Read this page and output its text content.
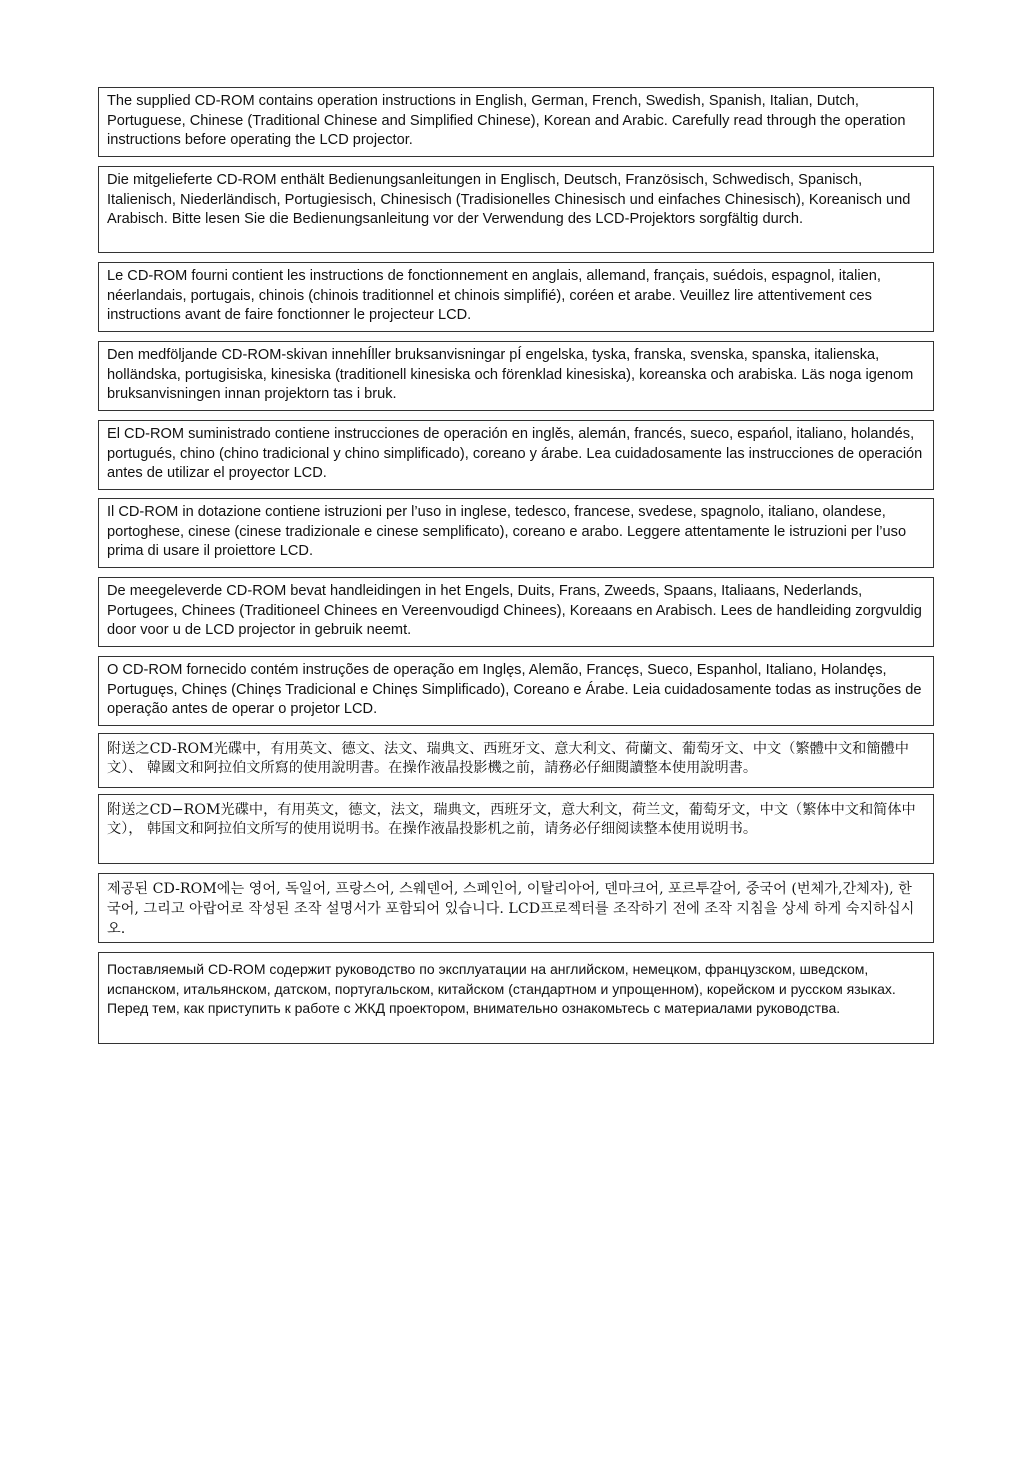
The supplied CD-ROM contains operation instructions in English, German, French, Swedish, Spanish, Italian, Dutch, Portuguese, Chinese (Traditional Chinese and Simplified Chinese), Korean and Arabic. Carefully read through the operation instructions before operating the LCD projector.
Die mitgelieferte CD-ROM enthält Bedienungsanleitungen in Englisch, Deutsch, Französisch, Schwedisch, Spanisch, Italienisch, Niederländisch, Portugiesisch, Chinesisch (Tradisionelles Chinesisch und einfaches Chinesisch), Koreanisch und Arabisch. Bitte lesen Sie die Bedienungsanleitung vor der Verwendung des LCD-Projektors sorgfältig durch.
Le CD-ROM fourni contient les instructions de fonctionnement en anglais, allemand, français, suédois, espagnol, italien, néerlandais, portugais, chinois (chinois traditionnel et chinois simplifié), coréen et arabe. Veuillez lire attentivement ces instructions avant de faire fonctionner le projecteur LCD.
Den medföljande CD-ROM-skivan innehÍller bruksanvisningar pÍ engelska, tyska, franska, svenska, spanska, italienska, holländska, portugisiska, kinesiska (traditionell kinesiska och förenklad kinesiska), koreanska och arabiska. Läs noga igenom bruksanvisningen innan projektorn tas i bruk.
El CD-ROM suministrado contiene instrucciones de operación en inglěs, alemán, francés, sueco, espańol, italiano, holandés, portugués, chino (chino tradicional y chino simplificado), coreano y árabe. Lea cuidadosamente las instrucciones de operación antes de utilizar el proyector LCD.
Il CD-ROM in dotazione contiene istruzioni per l’uso in inglese, tedesco, francese, svedese, spagnolo, italiano, olandese, portoghese, cinese (cinese tradizionale e cinese semplificato), coreano e arabo. Leggere attentamente le istruzioni per l’uso prima di usare il proiettore LCD.
De meegeleverde CD-ROM bevat handleidingen in het Engels, Duits, Frans, Zweeds, Spaans, Italiaans, Nederlands, Portugees, Chinees (Traditioneel Chinees en Vereenvoudigd Chinees), Koreaans en Arabisch. Lees de handleiding zorgvuldig door voor u de LCD projector in gebruik neemt.
O CD-ROM fornecido contém instruções de operação em Inglęs, Alemão, Francęs, Sueco, Espanhol, Italiano, Holandęs, Portuguęs, Chinęs (Chinęs Tradicional e Chinęs Simplificado), Coreano e Árabe. Leia cuidadosamente todas as instruções de operação antes de operar o projetor LCD.
附送之CD-ROM光碟中，有用英文、德文、法文、瑞典文、西班牙文、意大利文、荷蘭文、葡萄牙文、中文（繁體中文和簡體中文）、 韓國文和阿拉伯文所寫的使用說明書。在操作液晶投影機之前，請務必仔細閱讀整本使用說明書。
附送之CD−ROM光碟中，有用英文，德文，法文，瑞典文，西班牙文，意大利文，荷兰文，葡萄牙文，中文（繁体中文和简体中文）， 韩国文和阿拉伯文所写的使用说明书。在操作液晶投影机之前，请务必仔细阅读整本使用说明书。
제공된 CD-ROM에는 영어, 독일어, 프랑스어, 스웨덴어, 스페인어, 이탈리아어, 덴마크어, 포르투갈어, 중국어 (번체가,간체자), 한국어, 그리고 아랍어로 작성된 조작 설명서가 포함되어 있습니다. LCD프로젝터를 조작하기 전에 조작 지침을 상세 하게 숙지하십시오.
Поставляемый CD-ROM содержит руководство по эксплуатации на английском, немецком, французском, шведском, испанском, итальянском, датском, португальском, китайском (стандартном и упрощенном), корейском и русском языках. Перед тем, как приступить к работе с ЖКД проектором, внимательно ознакомьтесь с материалами руководства.
